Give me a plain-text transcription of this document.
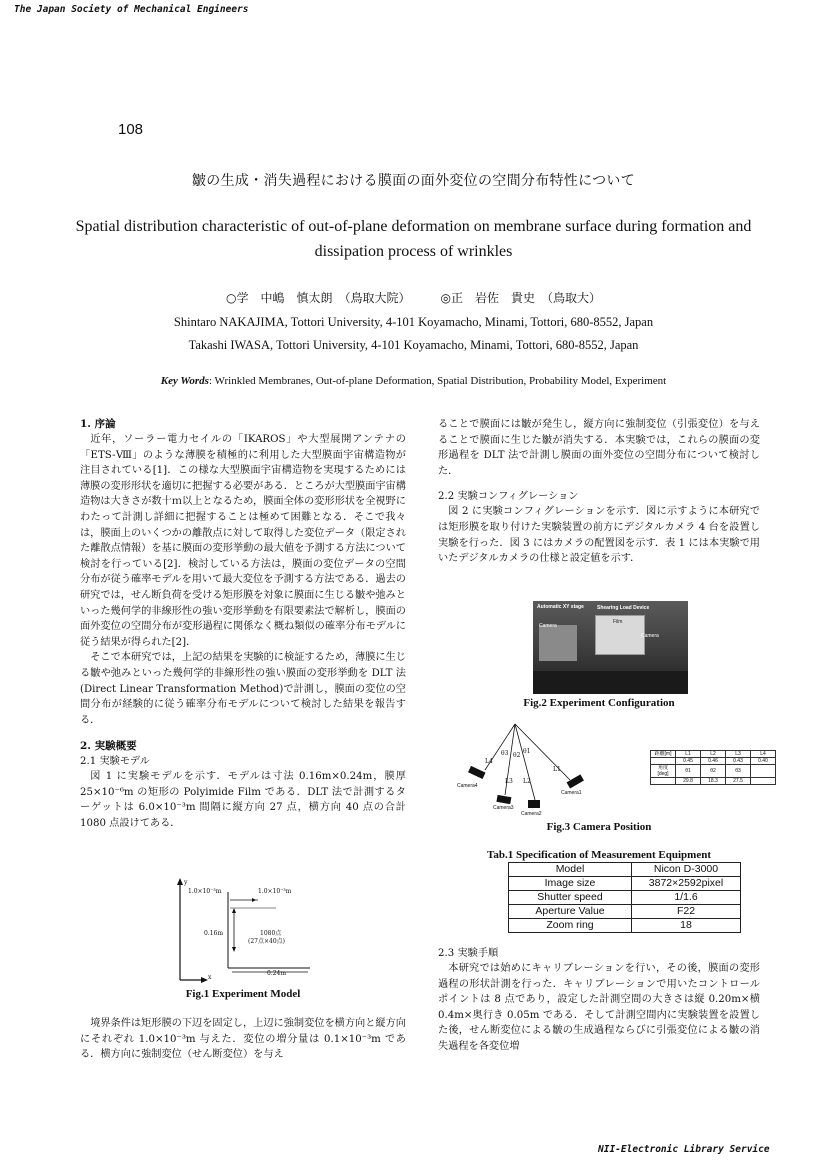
The Japan Society of Mechanical Engineers
NII-Electronic Library Service
108
皺の生成・消失過程における膜面の面外変位の空間分布特性について
Spatial distribution characteristic of out-of-plane deformation on membrane surface during formation and
dissipation process of wrinkles
○学　中嶋　慎太朗　（鳥取大院）　　　◎正　岩佐　貴史　（鳥取大）
Shintaro NAKAJIMA, Tottori University, 4-101 Koyamacho, Minami, Tottori, 680-8552, Japan
Takashi IWASA, Tottori University, 4-101 Koyamacho, Minami, Tottori, 680-8552, Japan
Key Words: Wrinkled Membranes, Out-of-plane Deformation, Spatial Distribution, Probability Model, Experiment
1. 序論

近年，ソーラー電力セイルの「IKAROS」や大型展開アンテナの「ETS-Ⅷ」のような薄膜を積極的に利用した大型膜面宇宙構造物が注目されている[1]．この様な大型膜面宇宙構造物を実現するためには薄膜の変形形状を適切に把握する必要がある．ところが大型膜面宇宙構造物は大きさが数十ｍ以上となるため，膜面全体の変形形状を全視野にわたって計測し詳細に把握することは極めて困難となる．そこで我々は，膜面上のいくつかの離散点に対して取得した変位データ（限定された離散点情報）を基に膜面の変形挙動の最大値を予測する方法について検討を行っている[2]．検討している方法は，膜面の変位データの空間分布が従う確率モデルを用いて最大変位を予測する方法である．過去の研究では，せん断負荷を受ける矩形膜を対象に膜面に生じる皺や弛みといった幾何学的非線形性の強い変形挙動を有限要素法で解析し，膜面の面外変位の空間分布が変形過程に関係なく概ね類似の確率分布モデルに従う結果が得られた[2]．

そこで本研究では，上記の結果を実験的に検証するため，薄膜に生じる皺や弛みといった幾何学的非線形性の強い膜面の変形挙動を DLT 法(Direct Linear Transformation Method)で計測し，膜面の変位の空間分布が経験的に従う確率分布モデルについて検討した結果を報告する．

2. 実験概要
2.1 実験モデル

図 1 に実験モデルを示す．モデルは寸法 0.16m×0.24m，膜厚 25×10⁻⁶m の矩形の Polyimide Film である．DLT 法で計測するターゲットは 6.0×10⁻³m 間隔に縦方向 27 点，横方向 40 点の合計 1080 点設けてある．

1.0×10⁻³m	1.0×10⁻³m
0.16m	1080点
(27点×40点)
0.24m
y
x
Fig.1 Experiment Model

境界条件は矩形膜の下辺を固定し，上辺に強制変位を横方向と縦方向にそれぞれ 1.0×10⁻³m 与えた．変位の増分量は 0.1×10⁻³m である．横方向に強制変位（せん断変位）を与え

ることで膜面には皺が発生し，縦方向に強制変位（引張変位）を与えることで膜面に生じた皺が消失する．本実験では，これらの膜面の変形過程を DLT 法で計測し膜面の面外変位の空間分布について検討した．

2.2 実験コンフィグレーション

図 2 に実験コンフィグレーションを示す．図に示すように本研究では矩形膜を取り付けた実験装置の前方にデジタルカメラ 4 台を設置し実験を行った．図 3 にはカメラの配置図を示す．表 1 には本実験で用いたデジタルカメラの仕様と設定値を示す．

Automatic XY stage	Shearing Load Device
Camera
Camera
Film
Fig.2 Experiment Configuration
Camera4
Camera3
Camera2
Camera1
L1
L2
L3
L4
θ1
θ2
θ3	距離[m]	L1	L2	L3	L4
	0.45	0.46	0.43	0.40
角度[deg]	θ1	θ2	θ3	
	29.8	18.3	27.5	
Fig.3 Camera Position
Tab.1 Specification of Measurement Equipment
Model	Nicon D-3000
Image size	3872×2592pixel
Shutter speed	1/1.6
Aperture Value	F22
Zoom ring	18
2.3 実験手順

本研究では始めにキャリブレーションを行い，その後，膜面の変形過程の形状計測を行った．キャリブレーションで用いたコントロールポイントは 8 点であり，設定した計測空間の大きさは縦 0.20m×横 0.4m×奥行き 0.05m である．そして計測空間内に実験装置を設置した後，せん断変位による皺の生成過程ならびに引張変位による皺の消失過程を各変位増
